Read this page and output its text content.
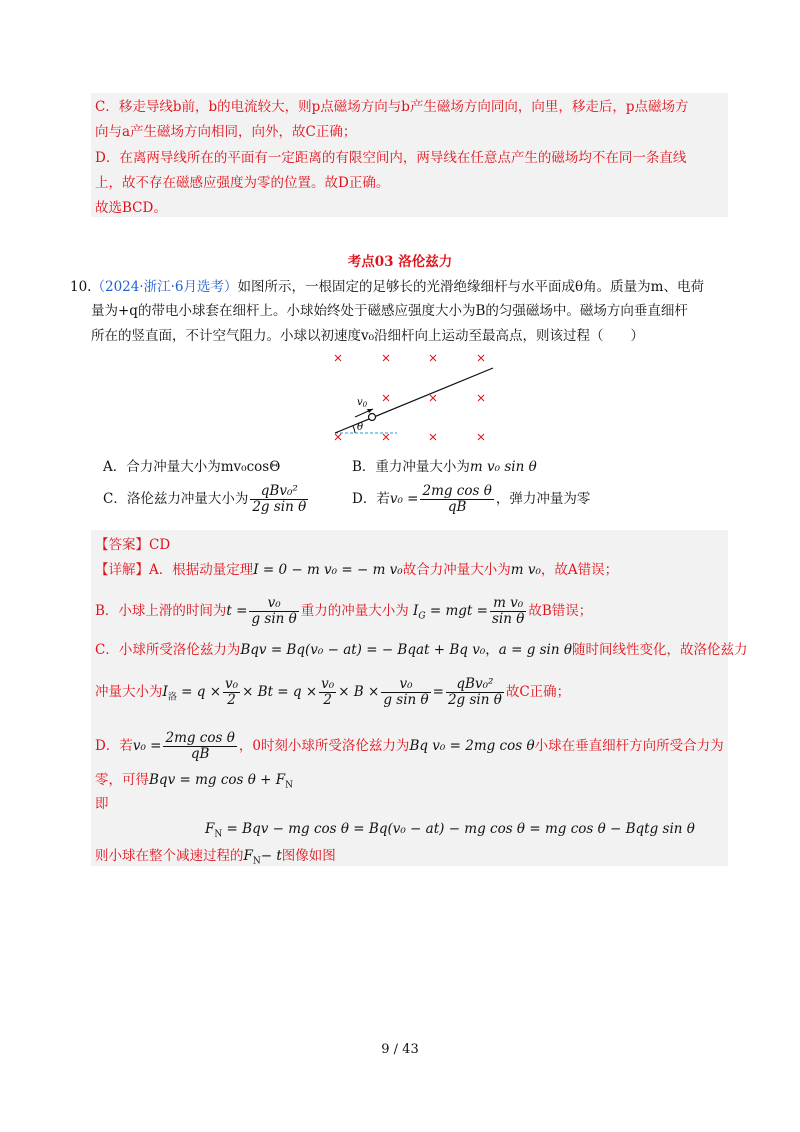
C．移走导线b前，b的电流较大，则p点磁场方向与b产生磁场方向同向，向里，移走后，p点磁场方
向与a产生磁场方向相同，向外，故C正确；
D．在离两导线所在的平面有一定距离的有限空间内，两导线在任意点产生的磁场均不在同一条直线
上，故不存在磁感应强度为零的位置。故D正确。
故选BCD。
考点03 洛伦兹力
10.（2024·浙江·6月选考）如图所示，一根固定的足够长的光滑绝缘细杆与水平面成θ角。质量为m、电荷
量为+q的带电小球套在细杆上。小球始终处于磁感应强度大小为B的匀强磁场中。磁场方向垂直细杆
所在的竖直面，不计空气阻力。小球以初速度v₀沿细杆向上运动至最高点，则该过程（　　）
$v_0$
θ
A．合力冲量大小为mv₀cosΘ	B．重力冲量大小为m v₀ sin θ
C．洛伦兹力冲量大小为 $\frac{\text{qBv₀²}}{\text{2g sin θ}}$	D．若$v_0 = \frac{\text{2mg cos θ}}{qB}$ ，弹力冲量为零
【答案】CD
【详解】A．根据动量定理I = 0 − m v₀ = − m v₀故合力冲量大小为m v₀，故A错误；
B．小球上滑的时间为$t = \frac{\text{v₀}}{\text{g sin θ}}$ 重力的冲量大小为 $I_G$ = mgt = $\frac{\text{m v₀}}{\text{sin θ}}$ 故B错误；
C．小球所受洛伦兹力为Bqv = Bq(v₀ − at) = − Bqat + Bq v₀，a = g sin θ随时间线性变化，故洛伦兹力
冲量大小为$I_洛 = q \times \frac{\text{v₀}}{2} \times Bt = q \times \frac{\text{v₀}}{2} \times B \times \frac{\text{v₀}}{\text{g sin θ}} = \frac{\text{qBv₀²}}{\text{2g sin θ}}$ 故C正确；
D．若$v_0 = \frac{\text{2mg cos θ}}{qB}$ ，0时刻小球所受洛伦兹力为Bq v₀ = 2mg cos θ小球在垂直细杆方向所受合力为
零，可得Bqv = mg $\cos \theta + F_N$
即
$F_N$ = Bqv − mg cos θ = Bq(v₀ − at) − mg cos θ = mg cos θ − Bqtg sin θ
则小球在整个减速过程的$F_N- t$图像如图
9 / 43
